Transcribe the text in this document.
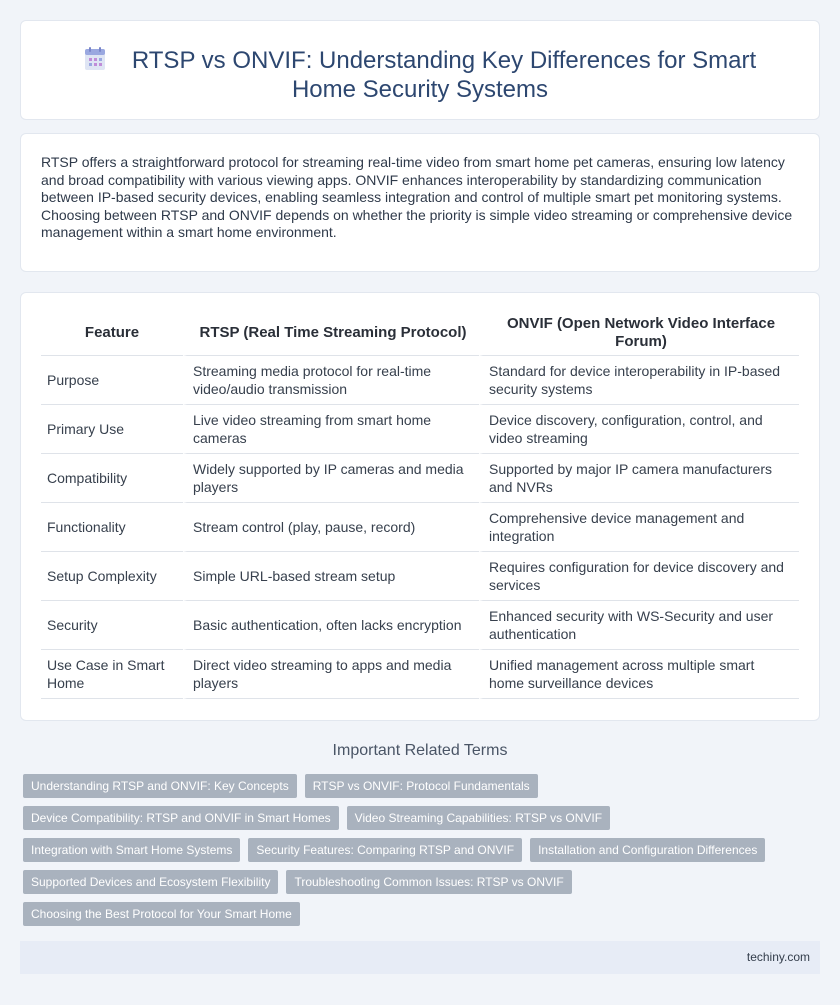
RTSP vs ONVIF: Understanding Key Differences for Smart Home Security Systems

RTSP offers a straightforward protocol for streaming real-time video from smart home pet cameras, ensuring low latency and broad compatibility with various viewing apps. ONVIF enhances interoperability by standardizing communication between IP-based security devices, enabling seamless integration and control of multiple smart pet monitoring systems. Choosing between RTSP and ONVIF depends on whether the priority is simple video streaming or comprehensive device management within a smart home environment.

Feature	RTSP (Real Time Streaming Protocol)	ONVIF (Open Network Video Interface Forum)
Purpose	Streaming media protocol for real-time video/audio transmission	Standard for device interoperability in IP-based security systems
Primary Use	Live video streaming from smart home cameras	Device discovery, configuration, control, and video streaming
Compatibility	Widely supported by IP cameras and media players	Supported by major IP camera manufacturers and NVRs
Functionality	Stream control (play, pause, record)	Comprehensive device management and integration
Setup Complexity	Simple URL-based stream setup	Requires configuration for device discovery and services
Security	Basic authentication, often lacks encryption	Enhanced security with WS-Security and user authentication
Use Case in Smart Home	Direct video streaming to apps and media players	Unified management across multiple smart home surveillance devices
Important Related Terms
Understanding RTSP and ONVIF: Key Concepts	RTSP vs ONVIF: Protocol Fundamentals
Device Compatibility: RTSP and ONVIF in Smart Homes	Video Streaming Capabilities: RTSP vs ONVIF
Integration with Smart Home Systems	Security Features: Comparing RTSP and ONVIF	Installation and Configuration Differences
Supported Devices and Ecosystem Flexibility	Troubleshooting Common Issues: RTSP vs ONVIF
Choosing the Best Protocol for Your Smart Home
techiny.com
